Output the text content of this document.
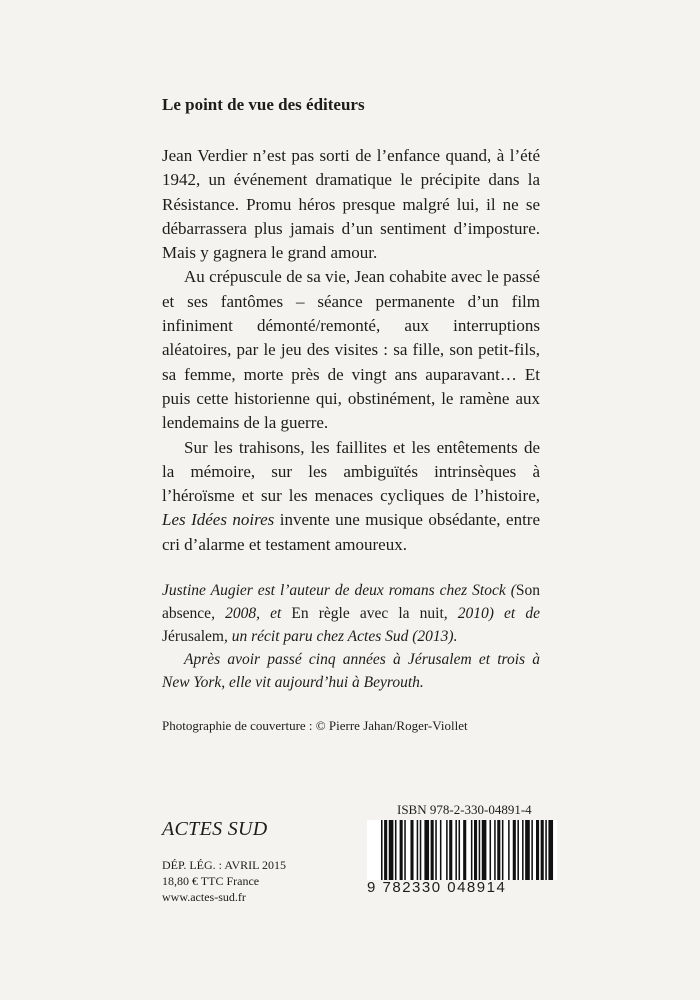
Le point de vue des éditeurs

Jean Verdier n’est pas sorti de l’enfance quand, à l’été 1942, un événement dramatique le précipite dans la Résistance. Promu héros presque malgré lui, il ne se débarrassera plus jamais d’un sentiment d’imposture. Mais y gagnera le grand amour.

Au crépuscule de sa vie, Jean cohabite avec le passé et ses fantômes – séance permanente d’un film infiniment démonté/remonté, aux interruptions aléatoires, par le jeu des visites : sa fille, son petit-fils, sa femme, morte près de vingt ans auparavant… Et puis cette historienne qui, obstinément, le ramène aux lendemains de la guerre.

Sur les trahisons, les faillites et les entêtements de la mémoire, sur les ambiguïtés intrinsèques à l’héroïsme et sur les menaces cycliques de l’histoire, Les Idées noires invente une musique obsédante, entre cri d’alarme et testament amoureux.

Justine Augier est l’auteur de deux romans chez Stock (Son absence, 2008, et En règle avec la nuit, 2010) et de Jérusalem, un récit paru chez Actes Sud (2013).

Après avoir passé cinq années à Jérusalem et trois à New York, elle vit aujourd’hui à Beyrouth.

Photographie de couverture : © Pierre Jahan/Roger-Viollet
ACTES SUD
DÉP. LÉG. : AVRIL 2015
18,80 € TTC France
www.actes-sud.fr
ISBN 978-2-330-04891-4
9 782330 048914
